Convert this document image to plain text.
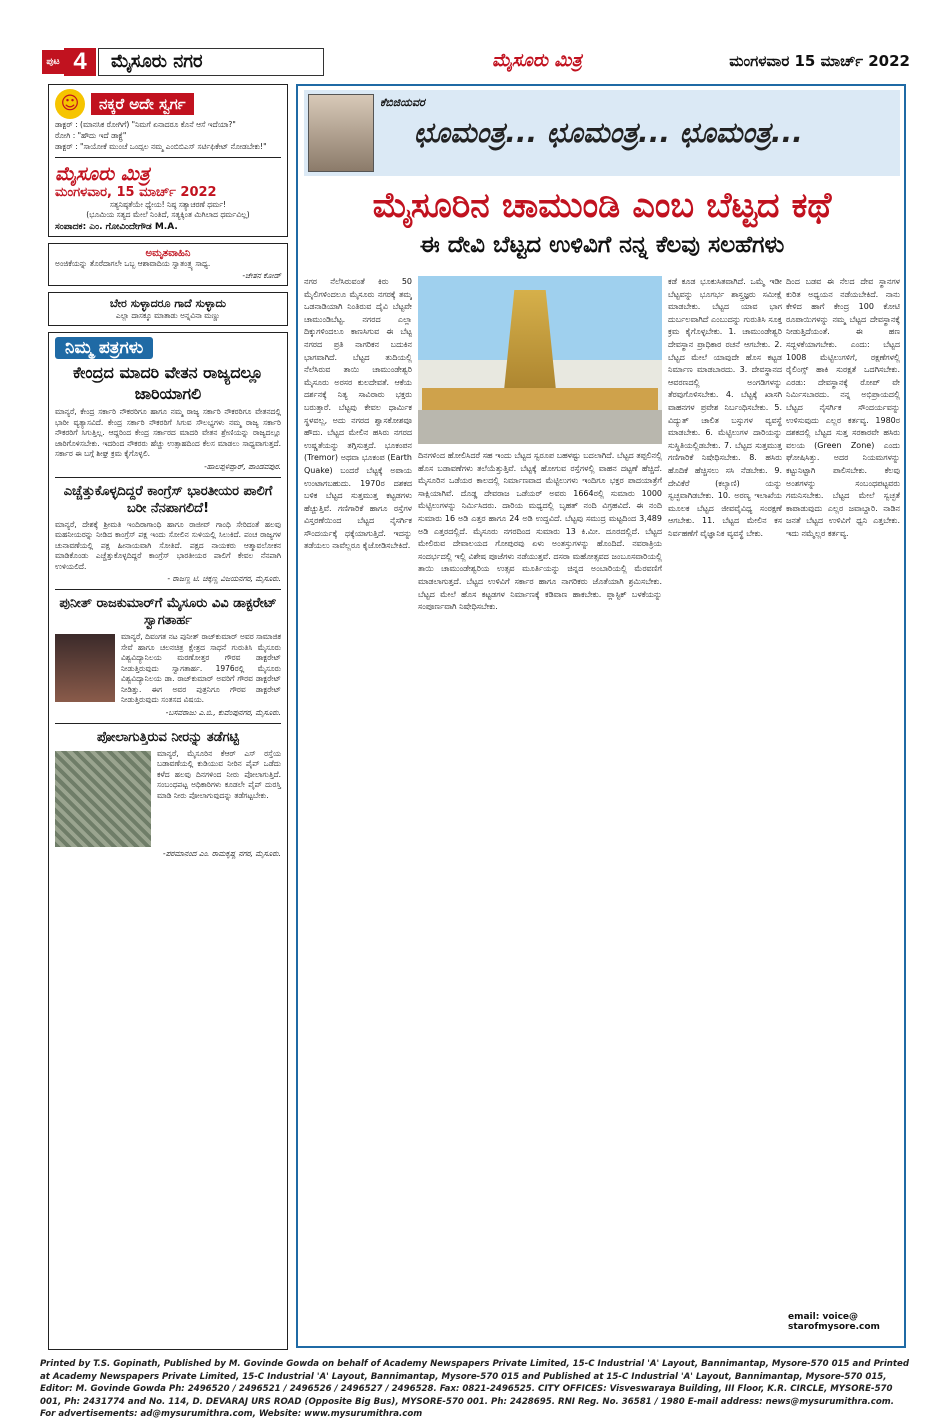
ಪುಟ 4	ಮೈಸೂರು ನಗರ	ಮೈಸೂರು ಮಿತ್ರ	ಮಂಗಳವಾರ 15 ಮಾರ್ಚ್ 2022
☺	ನಕ್ಕರೆ ಅದೇ ಸ್ವರ್ಗ
ಡಾಕ್ಟರ್ : (ಮಾನಸಿಕ ರೋಗಿಗೆ) "ನಿಮಗೆ ಏನಾದರೂ ಕೊನೆ ಆಸೆ ಇದೆಯಾ?"
ರೋಗಿ : "ಹೌದು ಇದೆ ಡಾಕ್ಟ್ರೆ"
ಡಾಕ್ಟರ್ : "ಸಾಯೋಕೆ ಮುಂಚೆ ಒಂದ್ಸಲ ನಮ್ಮ ಎಂಬಿಬಿಎಸ್ ಸರ್ಟಿಫಿಕೇಟ್ ನೋಡಬೇಕು!"
ಮೈಸೂರು ಮಿತ್ರ
ಮಂಗಳವಾರ, 15 ಮಾರ್ಚ್ 2022
ಸತ್ಯನಿಷ್ಠತೆಯೇ ಧ್ಯೇಯ! ನಿಷ್ಠ ಸತ್ಯಾಚರಣೆ ಧರ್ಮ!
(ಭೂಮಿಯ ಸತ್ಯದ ಮೇಲೆ ನಿಂತಿದೆ, ಸತ್ಯಕ್ಕಿಂತ ಮಿಗಿಲಾದ ಧರ್ಮವಿಲ್ಲ)
ಸಂಪಾದಕ: ಎಂ. ಗೋವಿಂದೇಗೌಡ M.A.
ಅಮೃತವಾಹಿನಿ
ಅಂಜಿಕೆಯನ್ನು ತೊರೆದಾಗಲೇ ಒಬ್ಬ ಆಶಾವಾದಿಯ ಸ್ವಾತಂತ್ರ್ಯ ಸಾಧ್ಯ.
-ಚೇತನ ಕೋಡ್
ಬೇರ ಸುಳ್ಳಾದರೂ ಗಾದೆ ಸುಳ್ಳಾದು
ಎಲ್ಲಾ ದಾಸಕ್ಕೂ ಮಾತಾಡು ಅನ್ನವಿನಾ ಮಣ್ಣು
ನಿಮ್ಮ ಪತ್ರಗಳು
ಕೇಂದ್ರದ ಮಾದರಿ ವೇತನ ರಾಜ್ಯದಲ್ಲೂ ಜಾರಿಯಾಗಲಿ
ಮಾನ್ಯರೆ, ಕೇಂದ್ರ ಸರ್ಕಾರಿ ನೌಕರರಿಗೂ ಹಾಗೂ ನಮ್ಮ ರಾಜ್ಯ ಸರ್ಕಾರಿ ನೌಕರರಿಗೂ ವೇತನದಲ್ಲಿ ಭಾರೀ ವ್ಯತ್ಯಾಸವಿದೆ. ಕೇಂದ್ರ ಸರ್ಕಾರಿ ನೌಕರರಿಗೆ ಸಿಗುವ ಸೌಲಭ್ಯಗಳು ನಮ್ಮ ರಾಜ್ಯ ಸರ್ಕಾರಿ ನೌಕರರಿಗೆ ಸಿಗುತ್ತಿಲ್ಲ. ಆದ್ದರಿಂದ ಕೇಂದ್ರ ಸರ್ಕಾರದ ಮಾದರಿ ವೇತನ ಶ್ರೇಣಿಯನ್ನು ರಾಜ್ಯದಲ್ಲೂ ಜಾರಿಗೊಳಿಸಬೇಕು. ಇದರಿಂದ ನೌಕರರು ಹೆಚ್ಚು ಉತ್ಸಾಹದಿಂದ ಕೆಲಸ ಮಾಡಲು ಸಾಧ್ಯವಾಗುತ್ತದೆ. ಸರ್ಕಾರ ಈ ಬಗ್ಗೆ ಶೀಘ್ರ ಕ್ರಮ ಕೈಗೊಳ್ಳಲಿ.
-ಹಾಲಪ್ಪಳಿಪ್ಪಾರ್, ಪಾಂಡವಪುರ.
ಎಚ್ಚೆತ್ತುಕೊಳ್ಳದಿದ್ದರೆ ಕಾಂಗ್ರೆಸ್ ಭಾರತೀಯರ ಪಾಲಿಗೆ ಬರೀ ನೆನಪಾಗಲಿದೆ!
ಮಾನ್ಯರೆ, ದೇಶಕ್ಕೆ ಶ್ರೀಮತಿ ಇಂದಿರಾಗಾಂಧಿ ಹಾಗೂ ರಾಜೀವ್ ಗಾಂಧಿ ಸೇರಿದಂತೆ ಹಲವು ಮಹನೀಯರನ್ನು ನೀಡಿದ ಕಾಂಗ್ರೆಸ್ ಪಕ್ಷ ಇಂದು ಸೋಲಿನ ಸುಳಿಯಲ್ಲಿ ಸಿಲುಕಿದೆ. ಪಂಚ ರಾಜ್ಯಗಳ ಚುನಾವಣೆಯಲ್ಲಿ ಪಕ್ಷ ಹೀನಾಯವಾಗಿ ಸೋತಿದೆ. ಪಕ್ಷದ ನಾಯಕರು ಆತ್ಮಾವಲೋಕನ ಮಾಡಿಕೊಂಡು ಎಚ್ಚೆತ್ತುಕೊಳ್ಳದಿದ್ದರೆ ಕಾಂಗ್ರೆಸ್ ಭಾರತೀಯರ ಪಾಲಿಗೆ ಕೇವಲ ನೆನಪಾಗಿ ಉಳಿಯಲಿದೆ.
- ರಾಜಣ್ಣ ಟಿ. ಚಿಕ್ಕಣ್ಣ ವಿಜಯನಗರ, ಮೈಸೂರು.
ಪುನೀತ್ ರಾಜಕುಮಾರ್‌ಗೆ ಮೈಸೂರು ವಿವಿ ಡಾಕ್ಟರೇಟ್ ಸ್ವಾಗತಾರ್ಹ
ಮಾನ್ಯರೆ, ದಿವಂಗತ ನಟ ಪುನೀತ್ ರಾಜ್‌ಕುಮಾರ್ ಅವರ ಸಾಮಾಜಿಕ ಸೇವೆ ಹಾಗೂ ಚಲನಚಿತ್ರ ಕ್ಷೇತ್ರದ ಸಾಧನೆ ಗುರುತಿಸಿ ಮೈಸೂರು ವಿಶ್ವವಿದ್ಯಾನಿಲಯ ಮರಣೋತ್ತರ ಗೌರವ ಡಾಕ್ಟರೇಟ್ ನೀಡುತ್ತಿರುವುದು ಸ್ವಾಗತಾರ್ಹ. 1976ರಲ್ಲಿ ಮೈಸೂರು ವಿಶ್ವವಿದ್ಯಾನಿಲಯ ಡಾ. ರಾಜ್‌ಕುಮಾರ್ ಅವರಿಗೆ ಗೌರವ ಡಾಕ್ಟರೇಟ್ ನೀಡಿತ್ತು. ಈಗ ಅವರ ಪುತ್ರನಿಗೂ ಗೌರವ ಡಾಕ್ಟರೇಟ್ ನೀಡುತ್ತಿರುವುದು ಸಂತಸದ ವಿಷಯ.
-ಬಸವರಾಜು ಎ.ಬಿ., ಕುವೆಂಪುನಗರ, ಮೈಸೂರು.
ಪೋಲಾಗುತ್ತಿರುವ ನೀರನ್ನು ತಡೆಗಟ್ಟಿ
ಮಾನ್ಯರೆ, ಮೈಸೂರಿನ ಕೆಆರ್ ಎಸ್ ರಸ್ತೆಯ ಬಡಾವಣೆಯಲ್ಲಿ ಕುಡಿಯುವ ನೀರಿನ ಪೈಪ್ ಒಡೆದು ಕಳೆದ ಹಲವು ದಿನಗಳಿಂದ ನೀರು ಪೋಲಾಗುತ್ತಿದೆ. ಸಂಬಂಧಪಟ್ಟ ಅಧಿಕಾರಿಗಳು ಕೂಡಲೇ ಪೈಪ್ ದುರಸ್ತಿ ಮಾಡಿ ನೀರು ಪೋಲಾಗುವುದನ್ನು ತಡೆಗಟ್ಟಬೇಕು.
-ಪರಮಾನಂದ ಎಂ. ರಾಮಕೃಷ್ಣ ನಗರ, ಮೈಸೂರು.
ಕೆಬಿಜಿಯವರ
ಛೂಮಂತ್ರ... ಛೂಮಂತ್ರ... ಛೂಮಂತ್ರ...
ಮೈಸೂರಿನ ಚಾಮುಂಡಿ ಎಂಬ ಬೆಟ್ಟದ ಕಥೆ
ಈ ದೇವಿ ಬೆಟ್ಟದ ಉಳಿವಿಗೆ ನನ್ನ ಕೆಲವು ಸಲಹೆಗಳು
ನಗರ ನೆಲೆಸಿರುವಂತೆ ಕಿರು 50 ಮೈಲಿಗಳಿಂದಲೂ ಮೈಸೂರು ನಗರಕ್ಕೆ ತಮ್ಮ ಒಡನಾಡಿಯಾಗಿ ನಿಂತಿರುವ ದೈವಿ ಬೆಟ್ಟವೇ ಚಾಮುಂಡಿಬೆಟ್ಟ. ನಗರದ ಎಲ್ಲಾ ದಿಕ್ಕುಗಳಿಂದಲೂ ಕಾಣಸಿಗುವ ಈ ಬೆಟ್ಟ ನಗರದ ಪ್ರತಿ ನಾಗರಿಕನ ಬದುಕಿನ ಭಾಗವಾಗಿದೆ. ಬೆಟ್ಟದ ತುದಿಯಲ್ಲಿ ನೆಲೆಸಿರುವ ತಾಯಿ ಚಾಮುಂಡೇಶ್ವರಿ ಮೈಸೂರು ಅರಸರ ಕುಲದೇವತೆ. ಆಕೆಯ ದರ್ಶನಕ್ಕೆ ನಿತ್ಯ ಸಾವಿರಾರು ಭಕ್ತರು ಬರುತ್ತಾರೆ. ಬೆಟ್ಟವು ಕೇವಲ ಧಾರ್ಮಿಕ ಸ್ಥಳವಲ್ಲ, ಅದು ನಗರದ ಶ್ವಾಸಕೋಶವೂ ಹೌದು. ಬೆಟ್ಟದ ಮೇಲಿನ ಹಸಿರು ನಗರದ ಉಷ್ಣತೆಯನ್ನು ತಗ್ಗಿಸುತ್ತದೆ. ಭೂಕಂಪನ (Tremor) ಅಥವಾ ಭೂಕಂಪ (Earth Quake) ಬಂದರೆ ಬೆಟ್ಟಕ್ಕೆ ಅಪಾಯ ಉಂಟಾಗಬಹುದು. 1970ರ ದಶಕದ ಬಳಿಕ ಬೆಟ್ಟದ ಸುತ್ತಮುತ್ತ ಕಟ್ಟಡಗಳು ಹೆಚ್ಚುತ್ತಿವೆ. ಗಣಿಗಾರಿಕೆ ಹಾಗೂ ರಸ್ತೆಗಳ ವಿಸ್ತರಣೆಯಿಂದ ಬೆಟ್ಟದ ನೈಸರ್ಗಿಕ ಸೌಂದರ್ಯಕ್ಕೆ ಧಕ್ಕೆಯಾಗುತ್ತಿದೆ. ಇದನ್ನು ತಡೆಯಲು ನಾವೆಲ್ಲರೂ ಕೈಜೋಡಿಸಬೇಕಿದೆ.
ದಿನಗಳಿಂದ ಹೋಲಿಸಿದರೆ ಸಹ ಇಂದು ಬೆಟ್ಟದ ಸ್ವರೂಪ ಬಹಳಷ್ಟು ಬದಲಾಗಿದೆ. ಬೆಟ್ಟದ ತಪ್ಪಲಿನಲ್ಲಿ ಹೊಸ ಬಡಾವಣೆಗಳು ತಲೆಯೆತ್ತುತ್ತಿವೆ. ಬೆಟ್ಟಕ್ಕೆ ಹೋಗುವ ರಸ್ತೆಗಳಲ್ಲಿ ವಾಹನ ದಟ್ಟಣೆ ಹೆಚ್ಚಿದೆ. ಮೈಸೂರಿನ ಒಡೆಯರ ಕಾಲದಲ್ಲಿ ನಿರ್ಮಾಣವಾದ ಮೆಟ್ಟಿಲುಗಳು ಇಂದಿಗೂ ಭಕ್ತರ ಪಾದಯಾತ್ರೆಗೆ ಸಾಕ್ಷಿಯಾಗಿವೆ. ದೊಡ್ಡ ದೇವರಾಜ ಒಡೆಯರ್ ಅವರು 1664ರಲ್ಲಿ ಸುಮಾರು 1000 ಮೆಟ್ಟಿಲುಗಳನ್ನು ನಿರ್ಮಿಸಿದರು. ದಾರಿಯ ಮಧ್ಯದಲ್ಲಿ ಬೃಹತ್ ನಂದಿ ವಿಗ್ರಹವಿದೆ. ಈ ನಂದಿ ಸುಮಾರು 16 ಅಡಿ ಎತ್ತರ ಹಾಗೂ 24 ಅಡಿ ಉದ್ದವಿದೆ. ಬೆಟ್ಟವು ಸಮುದ್ರ ಮಟ್ಟದಿಂದ 3,489 ಅಡಿ ಎತ್ತರದಲ್ಲಿದೆ. ಮೈಸೂರು ನಗರದಿಂದ ಸುಮಾರು 13 ಕಿ.ಮೀ. ದೂರದಲ್ಲಿದೆ. ಬೆಟ್ಟದ ಮೇಲಿರುವ ದೇವಾಲಯದ ಗೋಪುರವು ಏಳು ಅಂತಸ್ತುಗಳನ್ನು ಹೊಂದಿದೆ. ನವರಾತ್ರಿಯ ಸಂದರ್ಭದಲ್ಲಿ ಇಲ್ಲಿ ವಿಶೇಷ ಪೂಜೆಗಳು ನಡೆಯುತ್ತವೆ. ದಸರಾ ಮಹೋತ್ಸವದ ಜಂಬೂಸವಾರಿಯಲ್ಲಿ ತಾಯಿ ಚಾಮುಂಡೇಶ್ವರಿಯ ಉತ್ಸವ ಮೂರ್ತಿಯನ್ನು ಚಿನ್ನದ ಅಂಬಾರಿಯಲ್ಲಿ ಮೆರವಣಿಗೆ ಮಾಡಲಾಗುತ್ತದೆ. ಬೆಟ್ಟದ ಉಳಿವಿಗೆ ಸರ್ಕಾರ ಹಾಗೂ ನಾಗರಿಕರು ಜೊತೆಯಾಗಿ ಶ್ರಮಿಸಬೇಕು. ಬೆಟ್ಟದ ಮೇಲೆ ಹೊಸ ಕಟ್ಟಡಗಳ ನಿರ್ಮಾಣಕ್ಕೆ ಕಡಿವಾಣ ಹಾಕಬೇಕು. ಪ್ಲಾಸ್ಟಿಕ್ ಬಳಕೆಯನ್ನು ಸಂಪೂರ್ಣವಾಗಿ ನಿಷೇಧಿಸಬೇಕು.
ಕಡೆ ಕೂಡ ಭೂಕುಸಿತವಾಗಿದೆ. ಒಮ್ಮೆ ಇಡೀ ಬೆಟ್ಟವನ್ನು ಭೂಗರ್ಭ ಶಾಸ್ತ್ರಜ್ಞರು ಸಮೀಕ್ಷೆ ಮಾಡಬೇಕು. ಬೆಟ್ಟದ ಯಾವ ಭಾಗ ದುರ್ಬಲವಾಗಿದೆ ಎಂಬುದನ್ನು ಗುರುತಿಸಿ ಸೂಕ್ತ ಕ್ರಮ ಕೈಗೊಳ್ಳಬೇಕು. 1. ಚಾಮುಂಡೇಶ್ವರಿ ದೇವಸ್ಥಾನ ಪ್ರಾಧಿಕಾರ ರಚನೆ ಆಗಬೇಕು. 2. ಬೆಟ್ಟದ ಮೇಲೆ ಯಾವುದೇ ಹೊಸ ಕಟ್ಟಡ ನಿರ್ಮಾಣ ಮಾಡಬಾರದು. 3. ದೇವಸ್ಥಾನದ ಆವರಣದಲ್ಲಿ ಅಂಗಡಿಗಳನ್ನು ತೆರವುಗೊಳಿಸಬೇಕು. 4. ಬೆಟ್ಟಕ್ಕೆ ಖಾಸಗಿ ವಾಹನಗಳ ಪ್ರವೇಶ ನಿರ್ಬಂಧಿಸಬೇಕು. 5. ವಿದ್ಯುತ್ ಚಾಲಿತ ಬಸ್ಸುಗಳ ವ್ಯವಸ್ಥೆ ಮಾಡಬೇಕು. 6. ಮೆಟ್ಟಿಲುಗಳ ದಾರಿಯನ್ನು ಸುಸ್ಥಿತಿಯಲ್ಲಿಡಬೇಕು. 7. ಬೆಟ್ಟದ ಸುತ್ತಮುತ್ತ ಗಣಿಗಾರಿಕೆ ನಿಷೇಧಿಸಬೇಕು. 8. ಹಸಿರು ಹೊದಿಕೆ ಹೆಚ್ಚಿಸಲು ಸಸಿ ನೆಡಬೇಕು. 9. ದೇವಿಕೆರೆ (ಕಲ್ಯಾಣಿ) ಯನ್ನು ಸ್ವಚ್ಛವಾಗಿಡಬೇಕು. 10. ಅರಣ್ಯ ಇಲಾಖೆಯ ಮೂಲಕ ಬೆಟ್ಟದ ಜೀವವೈವಿಧ್ಯ ಸಂರಕ್ಷಣೆ ಆಗಬೇಕು. 11. ಬೆಟ್ಟದ ಮೇಲಿನ ಕಸ ನಿರ್ವಹಣೆಗೆ ವೈಜ್ಞಾನಿಕ ವ್ಯವಸ್ಥೆ ಬೇಕು.
ದಿಂದ ಬಡವ ಈ ನೆಲದ ದೇವ ಸ್ಥಾನಗಳ ಕುರಿತ ಅಧ್ಯಯನ ನಡೆಯಬೇಕಿದೆ. ನಾನು ಕೇಳಿದ ಹಾಗೆ ಕೇಂದ್ರ 100 ಕೋಟಿ ರೂಪಾಯಿಗಳನ್ನು ನಮ್ಮ ಬೆಟ್ಟದ ದೇವಸ್ಥಾನಕ್ಕೆ ನೀಡುತ್ತಿದೆಯಂತೆ. ಈ ಹಣ ಸದ್ಬಳಕೆಯಾಗಬೇಕು. ಎಂದು: ಬೆಟ್ಟದ 1008 ಮೆಟ್ಟಿಲುಗಳಿಗೆ, ರಕ್ಷಣೆಗಳಲ್ಲಿ ರೈಲಿಂಗ್ಸ್ ಹಾಕಿ ಸುರಕ್ಷತೆ ಒದಗಿಸಬೇಕು. ಎರಡು: ದೇವಸ್ಥಾನಕ್ಕೆ ರೋಪ್ ವೇ ನಿರ್ಮಿಸಬಾರದು. ನನ್ನ ಅಭಿಪ್ರಾಯದಲ್ಲಿ ಬೆಟ್ಟದ ನೈಸರ್ಗಿಕ ಸೌಂದರ್ಯವನ್ನು ಉಳಿಸುವುದು ಎಲ್ಲರ ಕರ್ತವ್ಯ. 1980ರ ದಶಕದಲ್ಲಿ ಬೆಟ್ಟದ ಸುತ್ತ ಸರಕಾರವೇ ಹಸಿರು ವಲಯ (Green Zone) ಎಂದು ಘೋಷಿಸಿತ್ತು. ಅದರ ನಿಯಮಗಳನ್ನು ಕಟ್ಟುನಿಟ್ಟಾಗಿ ಪಾಲಿಸಬೇಕು. ಕೆಲವು ಅಂಶಗಳನ್ನು ಸಂಬಂಧಪಟ್ಟವರು ಗಮನಿಸಬೇಕು. ಬೆಟ್ಟದ ಮೇಲೆ ಸ್ವಚ್ಛತೆ ಕಾಪಾಡುವುದು ಎಲ್ಲರ ಜವಾಬ್ದಾರಿ. ನಾಡಿನ ಜನತೆ ಬೆಟ್ಟದ ಉಳಿವಿಗೆ ಧ್ವನಿ ಎತ್ತಬೇಕು. ಇದು ನಮ್ಮೆಲ್ಲರ ಕರ್ತವ್ಯ.
email: voice@
starofmysore.com
Printed by T.S. Gopinath, Published by M. Govinde Gowda on behalf of Academy Newspapers Private Limited, 15-C Industrial 'A' Layout, Bannimantap, Mysore-570 015 and Printed at Academy Newspapers Private Limited, 15-C Industrial 'A' Layout, Bannimantap, Mysore-570 015 and Published at 15-C Industrial 'A' Layout, Bannimantap, Mysore-570 015, Editor: M. Govinde Gowda Ph: 2496520 / 2496521 / 2496526 / 2496527 / 2496528. Fax: 0821-2496525. CITY OFFICES: Visveswaraya Building, III Floor, K.R. CIRCLE, MYSORE-570 001, Ph: 2431774 and No. 114, D. DEVARAJ URS ROAD (Opposite Big Bus), MYSORE-570 001. Ph: 2428695. RNI Reg. No. 36581 / 1980 E-mail address: news@mysurumithra.com. For advertisements: ad@mysurumithra.com, Website: www.mysurumithra.com
